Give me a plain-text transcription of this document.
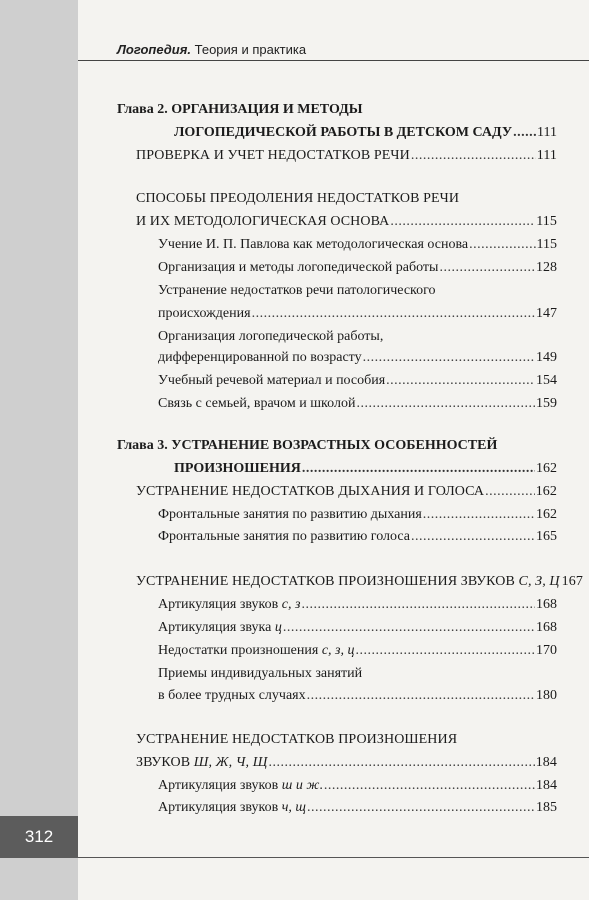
312
Логопедия. Теория и практика
Глава 2. ОРГАНИЗАЦИЯ И МЕТОДЫ
ЛОГОПЕДИЧЕСКОЙ РАБОТЫ В ДЕТСКОМ САДУ ..... 111
ПРОВЕРКА И УЧЕТ НЕДОСТАТКОВ РЕЧИ .....	111
СПОСОБЫ ПРЕОДОЛЕНИЯ НЕДОСТАТКОВ РЕЧИ
И ИХ МЕТОДОЛОГИЧЕСКАЯ ОСНОВА .....	115
Учение И. П. Павлова как методологическая основа .....	115
Организация и методы логопедической работы .....	128
Устранение недостатков речи патологического
происхождения .....	147
Организация логопедической работы,
дифференцированной по возрасту .....	149
Учебный речевой материал и пособия .....	154
Связь с семьей, врачом и школой .....	159
Глава 3. УСТРАНЕНИЕ ВОЗРАСТНЫХ ОСОБЕННОСТЕЙ
ПРОИЗНОШЕНИЯ .....	162
УСТРАНЕНИЕ НЕДОСТАТКОВ ДЫХАНИЯ И ГОЛОСА .....	162
Фронтальные занятия по развитию дыхания .....	162
Фронтальные занятия по развитию голоса .....	165
УСТРАНЕНИЕ НЕДОСТАТКОВ ПРОИЗНОШЕНИЯ ЗВУКОВ С, З, Ц 167
Артикуляция звуков с, з .....	168
Артикуляция звука ц .....	168
Недостатки произношения с, з, ц .....	170
Приемы индивидуальных занятий
в более трудных случаях .....	180
УСТРАНЕНИЕ НЕДОСТАТКОВ ПРОИЗНОШЕНИЯ
ЗВУКОВ Ш, Ж, Ч, Щ .....	184
Артикуляция звуков ш и ж. .....	184
Артикуляция звуков ч, щ .....	185
